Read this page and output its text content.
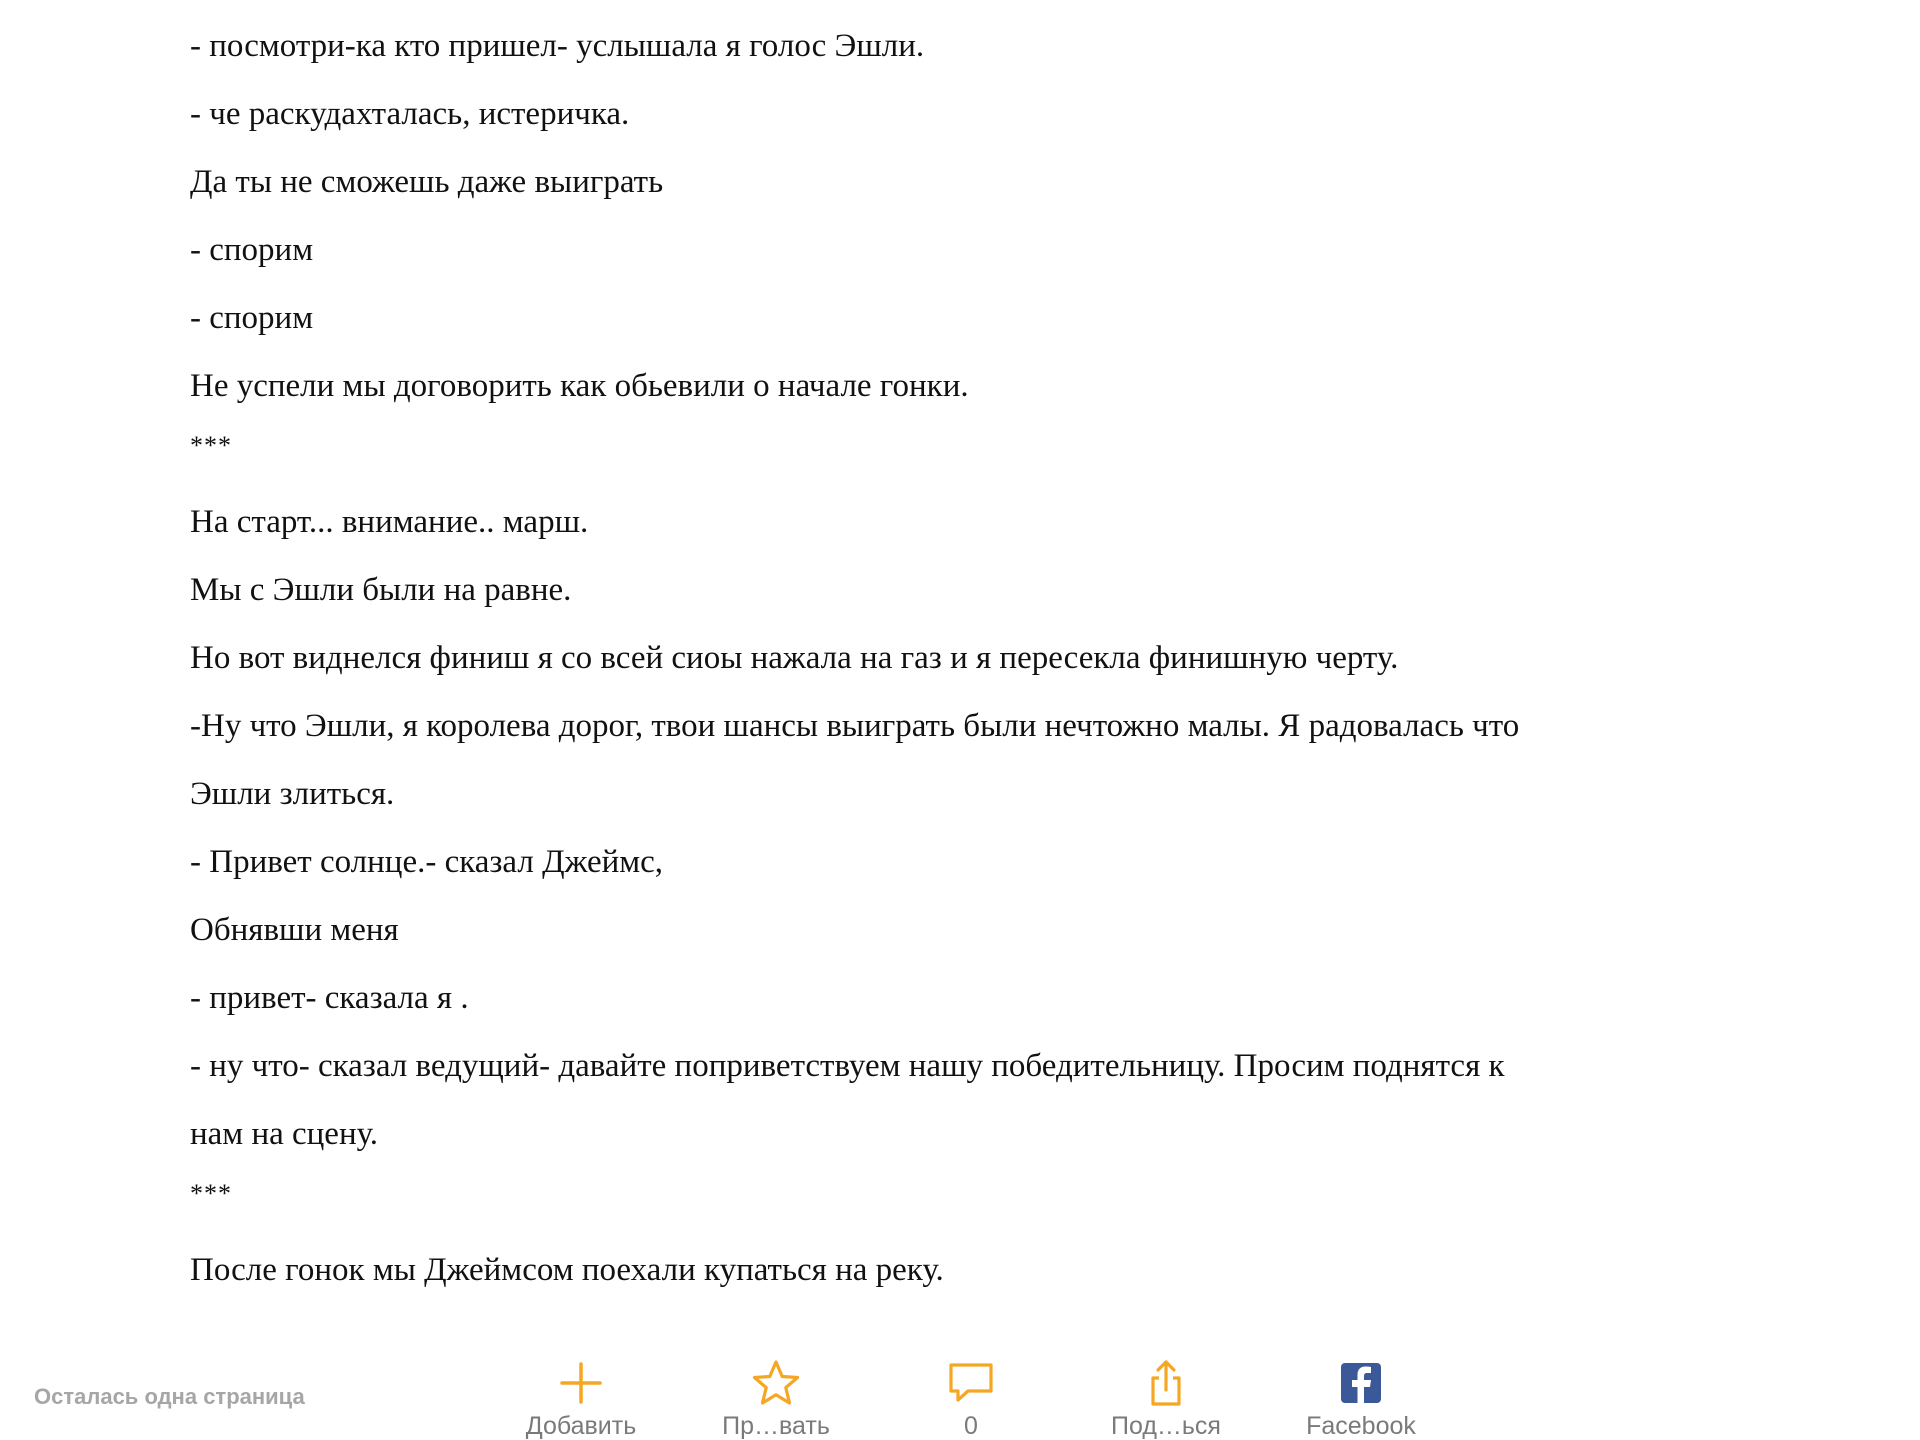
- посмотри-ка кто пришел- услышала я голос Эшли.

- че раскудахталась, истеричка.

Да ты не сможешь даже выиграть

- спорим

- спорим

Не успели мы договорить как обьевили о начале гонки.

***

На старт... внимание.. марш.

Мы с Эшли были на равне.

Но вот виднелся финиш я со всей сиоы нажала на газ и я пересекла финишную черту.

-Ну что Эшли, я королева дорог, твои шансы выиграть были нечтожно малы. Я радовалась что

Эшли злиться.

- Привет солнце.- сказал Джеймс,

Обнявши меня

- привет- сказала я .

- ну что- сказал ведущий- давайте поприветствуем нашу победительницу. Просим поднятся к

нам на сцену.

***

После гонок мы Джеймсом поехали купаться на реку.

Осталась одна страница
Добавить	Пр…вать	0	Под…ься	Facebook
